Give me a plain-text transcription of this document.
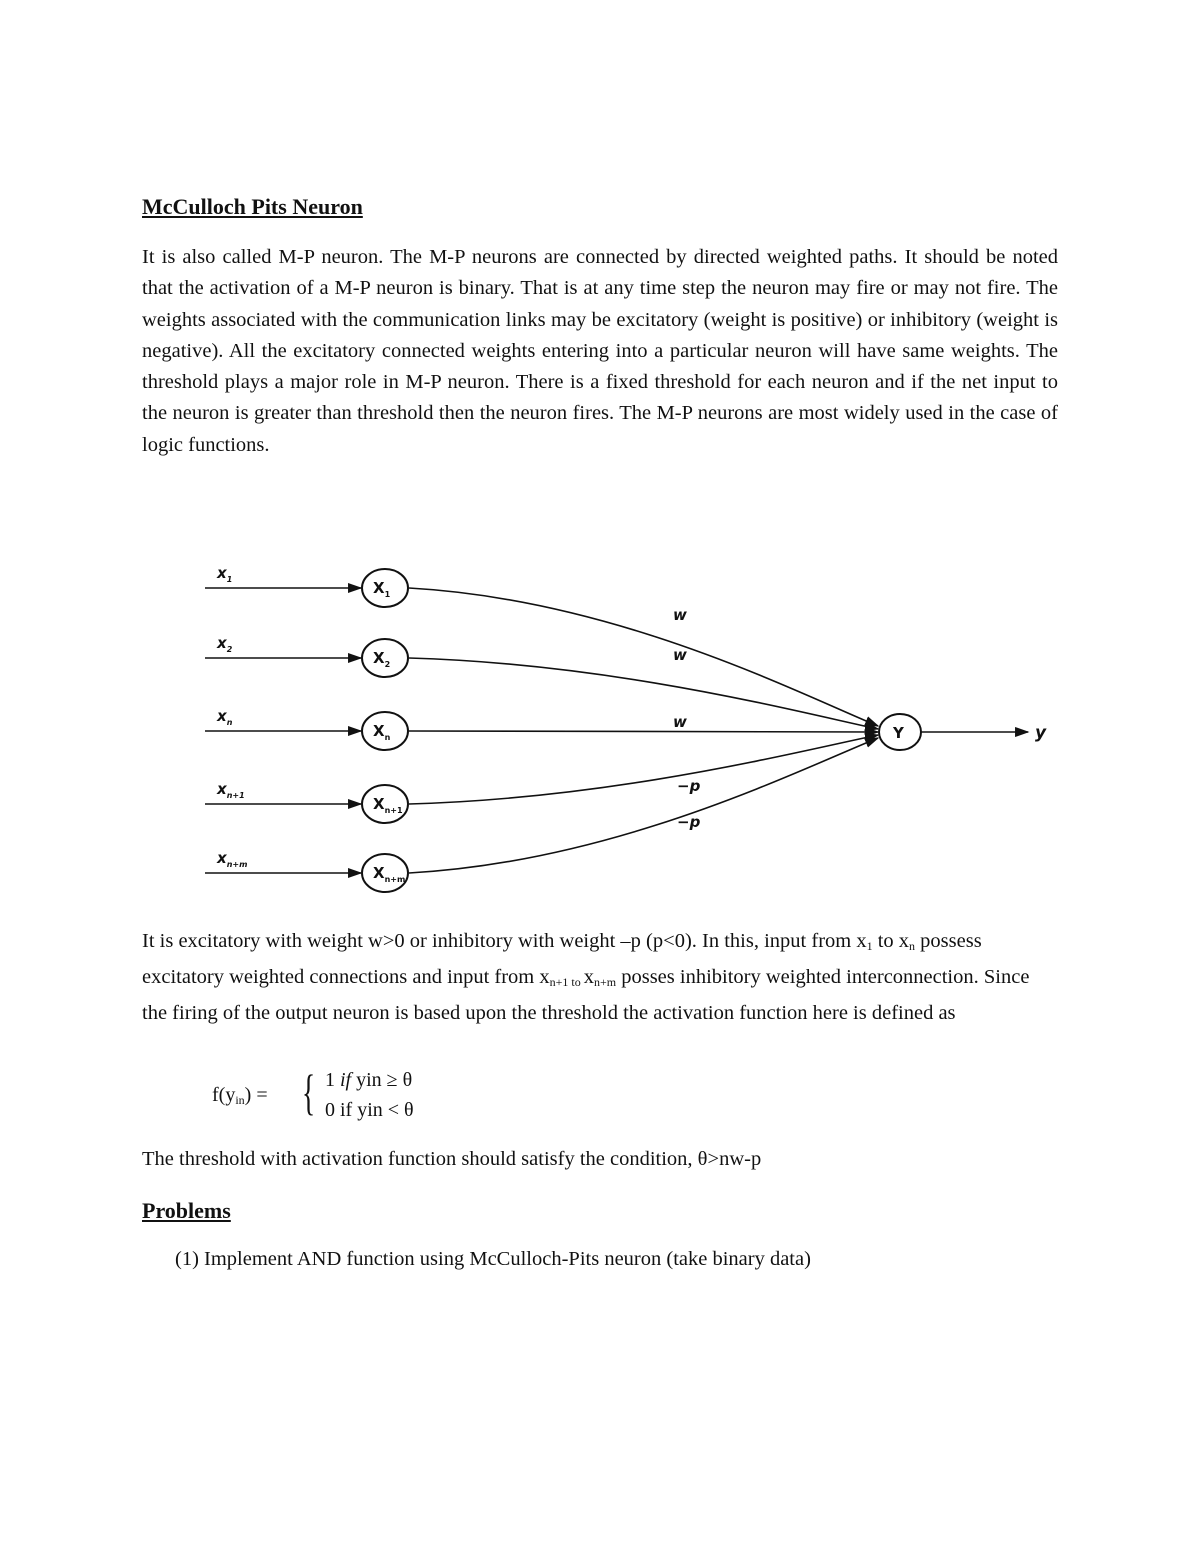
McCulloch Pits Neuron

It is also called M-P neuron. The M-P neurons are connected by directed weighted paths. It should be noted that the activation of a M-P neuron is binary. That is at any time step the neuron may fire or may not fire. The weights associated with the communication links may be excitatory (weight is positive) or inhibitory (weight is negative). All the excitatory connected weights entering into a particular neuron will have same weights. The threshold plays a major role in M-P neuron. There is a fixed threshold for each neuron and if the net input to the neuron is greater than threshold then the neuron fires. The M-P neurons are most widely used in the case of logic functions.

$x_1$	$X_1$
w
$x_2$	$X_2$
w
$x_n$	$X_n$
w
$x_{n+1}$	$X_{n+1}$
−p
$x_{n+m}$	$X_{n+m}$
−p
Y	y

It is excitatory with weight w>0 or inhibitory with weight –p (p<0). In this, input from $x_1$ to $x_n$ possess excitatory weighted connections and input from $x_{n+1}$ $_{to}$ $x_{n+m}$ posses inhibitory weighted interconnection. Since the firing of the output neuron is based upon the threshold the activation function here is defined as

$f(y_{in})$ = { 1 if yin ≥ θ
0 if yin < θ
The threshold with activation function should satisfy the condition, θ>nw-p
Problems
(1) Implement AND function using McCulloch-Pits neuron (take binary data)
